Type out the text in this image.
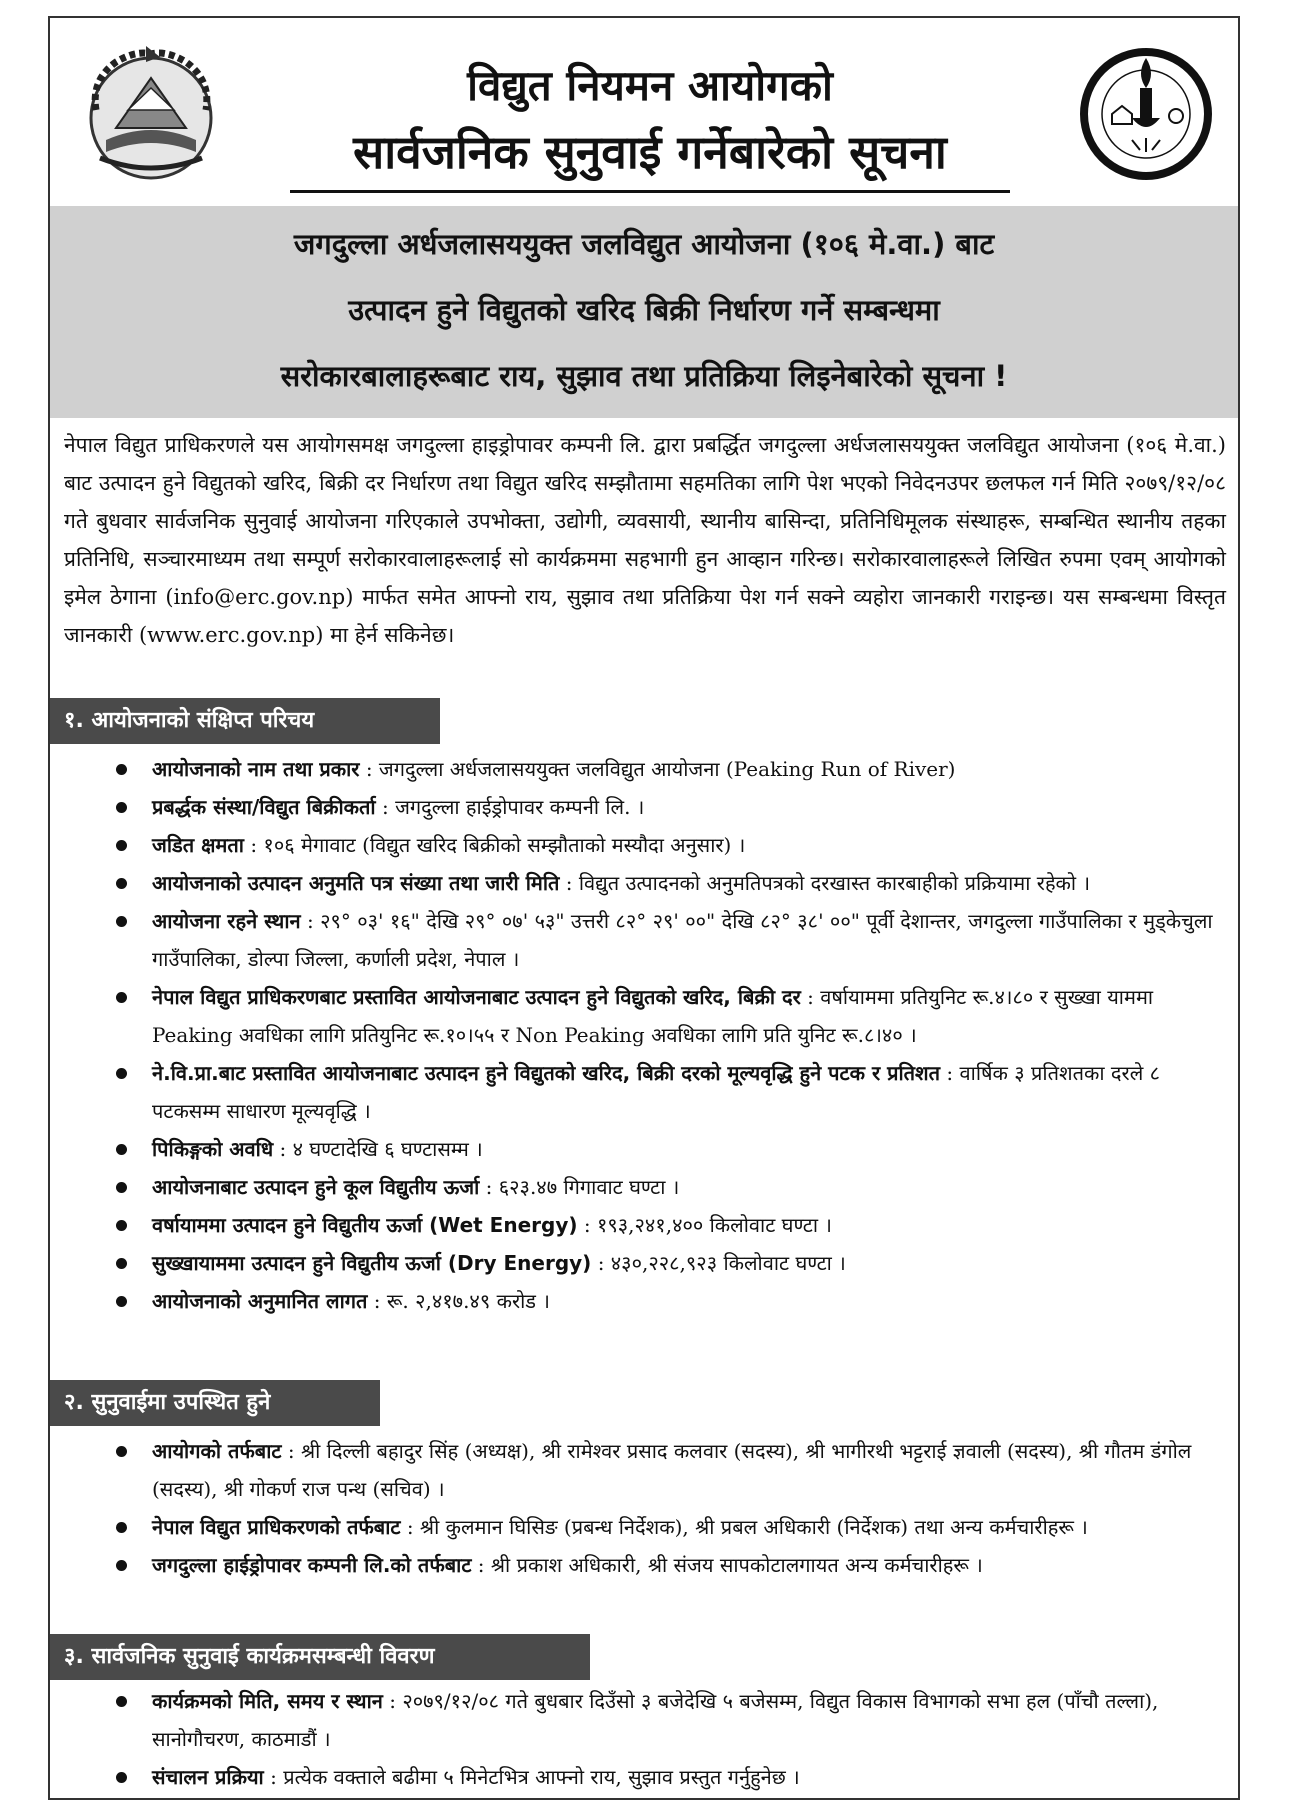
विद्युत नियमन आयोगको
सार्वजनिक सुनुवाई गर्नेबारेको सूचना
जगदुल्ला अर्धजलासययुक्त जलविद्युत आयोजना (१०६ मे.वा.) बाट
उत्पादन हुने विद्युतको खरिद बिक्री निर्धारण गर्ने सम्बन्धमा
सरोकारबालाहरूबाट राय, सुझाव तथा प्रतिक्रिया लिइनेबारेको सूचना !
नेपाल विद्युत प्राधिकरणले यस आयोगसमक्ष जगदुल्ला हाइड्रोपावर कम्पनी लि. द्वारा प्रबर्द्धित जगदुल्ला अर्धजलासययुक्त जलविद्युत आयोजना (१०६ मे.वा.) बाट उत्पादन हुने विद्युतको खरिद, बिक्री दर निर्धारण तथा विद्युत खरिद सम्झौतामा सहमतिका लागि पेश भएको निवेदनउपर छलफल गर्न मिति २०७९/१२/०८ गते बुधवार सार्वजनिक सुनुवाई आयोजना गरिएकाले उपभोक्ता, उद्योगी, व्यवसायी, स्थानीय बासिन्दा, प्रतिनिधिमूलक संस्थाहरू, सम्बन्धित स्थानीय तहका प्रतिनिधि, सञ्चारमाध्यम तथा सम्पूर्ण सरोकारवालाहरूलाई सो कार्यक्रममा सहभागी हुन आव्हान गरिन्छ। सरोकारवालाहरूले लिखित रुपमा एवम् आयोगको इमेल ठेगाना (info@erc.gov.np) मार्फत समेत आफ्नो राय, सुझाव तथा प्रतिक्रिया पेश गर्न सक्ने व्यहोरा जानकारी गराइन्छ। यस सम्बन्धमा विस्तृत जानकारी (www.erc.gov.np) मा हेर्न सकिनेछ।
१. आयोजनाको संक्षिप्त परिचय
आयोजनाको नाम तथा प्रकार : जगदुल्ला अर्धजलासययुक्त जलविद्युत आयोजना (Peaking Run of River)
प्रबर्द्धक संस्था/विद्युत बिक्रीकर्ता : जगदुल्ला हाईड्रोपावर कम्पनी लि. ।
जडित क्षमता : १०६ मेगावाट (विद्युत खरिद बिक्रीको सम्झौताको मस्यौदा अनुसार) ।
आयोजनाको उत्पादन अनुमति पत्र संख्या तथा जारी मिति : विद्युत उत्पादनको अनुमतिपत्रको दरखास्त कारबाहीको प्रक्रियामा रहेको ।
आयोजना रहने स्थान : २९° ०३' १६" देखि २९° ०७' ५३" उत्तरी ८२° २९' ००" देखि ८२° ३८' ००" पूर्वी देशान्तर, जगदुल्ला गाउँपालिका र मुड्केचुला गाउँपालिका, डोल्पा जिल्ला, कर्णाली प्रदेश, नेपाल ।
नेपाल विद्युत प्राधिकरणबाट प्रस्तावित आयोजनाबाट उत्पादन हुने विद्युतको खरिद, बिक्री दर : वर्षायाममा प्रतियुनिट रू.४।८० र सुख्खा याममा Peaking अवधिका लागि प्रतियुनिट रू.१०।५५ र Non Peaking अवधिका लागि प्रति युनिट रू.८।४० ।
ने.वि.प्रा.बाट प्रस्तावित आयोजनाबाट उत्पादन हुने विद्युतको खरिद, बिक्री दरको मूल्यवृद्धि हुने पटक र प्रतिशत : वार्षिक ३ प्रतिशतका दरले ८ पटकसम्म साधारण मूल्यवृद्धि ।
पिकिङ्गको अवधि : ४ घण्टादेखि ६ घण्टासम्म ।
आयोजनाबाट उत्पादन हुने कूल विद्युतीय ऊर्जा : ६२३.४७ गिगावाट घण्टा ।
वर्षायाममा उत्पादन हुने विद्युतीय ऊर्जा (Wet Energy) : १९३,२४१,४०० किलोवाट घण्टा ।
सुख्खायाममा उत्पादन हुने विद्युतीय ऊर्जा (Dry Energy) : ४३०,२२८,९२३ किलोवाट घण्टा ।
आयोजनाको अनुमानित लागत : रू. २,४१७.४९ करोड ।
२. सुनुवाईमा उपस्थित हुने
आयोगको तर्फबाट : श्री दिल्ली बहादुर सिंह (अध्यक्ष), श्री रामेश्वर प्रसाद कलवार (सदस्य), श्री भागीरथी भट्टराई ज्ञवाली (सदस्य), श्री गौतम डंगोल (सदस्य), श्री गोकर्ण राज पन्थ (सचिव) ।
नेपाल विद्युत प्राधिकरणको तर्फबाट : श्री कुलमान घिसिङ (प्रबन्ध निर्देशक), श्री प्रबल अधिकारी (निर्देशक) तथा अन्य कर्मचारीहरू ।
जगदुल्ला हाईड्रोपावर कम्पनी लि.को तर्फबाट : श्री प्रकाश अधिकारी, श्री संजय सापकोटालगायत अन्य कर्मचारीहरू ।
३. सार्वजनिक सुनुवाई कार्यक्रमसम्बन्धी विवरण
कार्यक्रमको मिति, समय र स्थान : २०७९/१२/०८ गते बुधबार दिउँसो ३ बजेदेखि ५ बजेसम्म, विद्युत विकास विभागको सभा हल (पाँचौ तल्ला), सानोगौचरण, काठमाडौं ।
संचालन प्रक्रिया : प्रत्येक वक्ताले बढीमा ५ मिनेटभित्र आफ्नो राय, सुझाव प्रस्तुत गर्नुहुनेछ ।
